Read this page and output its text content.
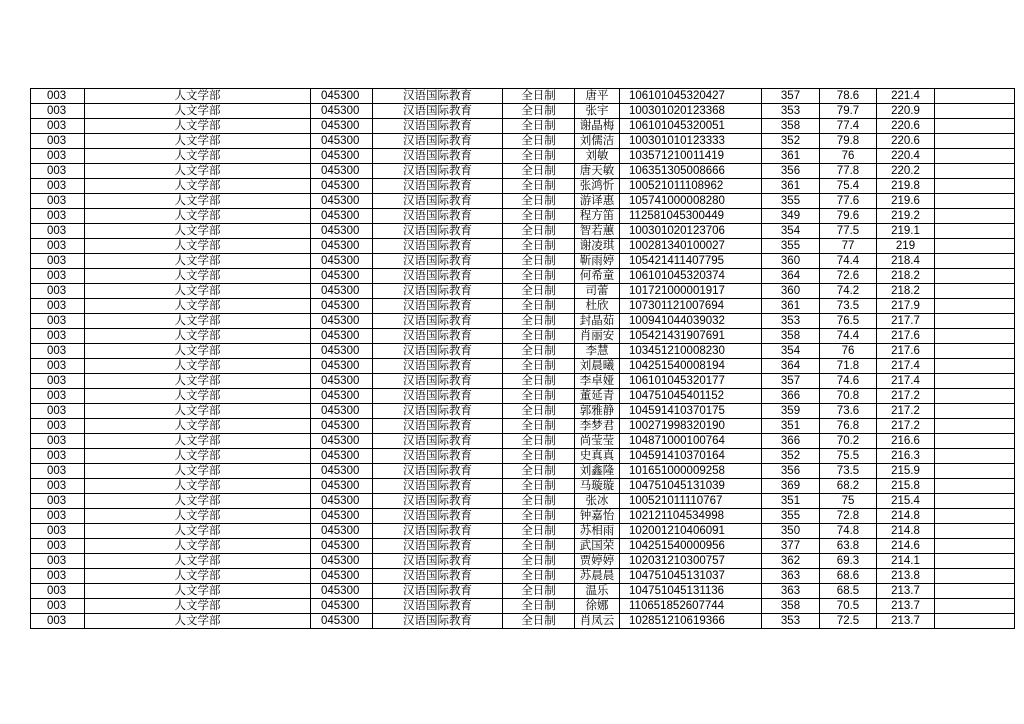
003	人文学部	045300	汉语国际教育	全日制	唐平	106101045320427	357	78.6	221.4	
003	人文学部	045300	汉语国际教育	全日制	张宇	100301020123368	353	79.7	220.9	
003	人文学部	045300	汉语国际教育	全日制	谢晶梅	106101045320051	358	77.4	220.6	
003	人文学部	045300	汉语国际教育	全日制	刘儒洁	100301010123333	352	79.8	220.6	
003	人文学部	045300	汉语国际教育	全日制	刘敏	103571210011419	361	76	220.4	
003	人文学部	045300	汉语国际教育	全日制	唐天敏	106351305008666	356	77.8	220.2	
003	人文学部	045300	汉语国际教育	全日制	张鸿忻	100521011108962	361	75.4	219.8	
003	人文学部	045300	汉语国际教育	全日制	游译惠	105741000008280	355	77.6	219.6	
003	人文学部	045300	汉语国际教育	全日制	程方笛	112581045300449	349	79.6	219.2	
003	人文学部	045300	汉语国际教育	全日制	智若蕙	100301020123706	354	77.5	219.1	
003	人文学部	045300	汉语国际教育	全日制	谢凌琪	100281340100027	355	77	219	
003	人文学部	045300	汉语国际教育	全日制	靳雨婷	105421411407795	360	74.4	218.4	
003	人文学部	045300	汉语国际教育	全日制	何希童	106101045320374	364	72.6	218.2	
003	人文学部	045300	汉语国际教育	全日制	司蕾	101721000001917	360	74.2	218.2	
003	人文学部	045300	汉语国际教育	全日制	杜欣	107301121007694	361	73.5	217.9	
003	人文学部	045300	汉语国际教育	全日制	封晶茹	100941044039032	353	76.5	217.7	
003	人文学部	045300	汉语国际教育	全日制	肖丽安	105421431907691	358	74.4	217.6	
003	人文学部	045300	汉语国际教育	全日制	李慧	103451210008230	354	76	217.6	
003	人文学部	045300	汉语国际教育	全日制	刘晨曦	104251540008194	364	71.8	217.4	
003	人文学部	045300	汉语国际教育	全日制	李卓娅	106101045320177	357	74.6	217.4	
003	人文学部	045300	汉语国际教育	全日制	董延青	104751045401152	366	70.8	217.2	
003	人文学部	045300	汉语国际教育	全日制	郭雅静	104591410370175	359	73.6	217.2	
003	人文学部	045300	汉语国际教育	全日制	李梦君	100271998320190	351	76.8	217.2	
003	人文学部	045300	汉语国际教育	全日制	尚莹莹	104871000100764	366	70.2	216.6	
003	人文学部	045300	汉语国际教育	全日制	史真真	104591410370164	352	75.5	216.3	
003	人文学部	045300	汉语国际教育	全日制	刘鑫隆	101651000009258	356	73.5	215.9	
003	人文学部	045300	汉语国际教育	全日制	马璇璇	104751045131039	369	68.2	215.8	
003	人文学部	045300	汉语国际教育	全日制	张冰	100521011110767	351	75	215.4	
003	人文学部	045300	汉语国际教育	全日制	钟嘉怡	102121104534998	355	72.8	214.8	
003	人文学部	045300	汉语国际教育	全日制	苏相雨	102001210406091	350	74.8	214.8	
003	人文学部	045300	汉语国际教育	全日制	武国荣	104251540000956	377	63.8	214.6	
003	人文学部	045300	汉语国际教育	全日制	贾婷婷	102031210300757	362	69.3	214.1	
003	人文学部	045300	汉语国际教育	全日制	苏晨晨	104751045131037	363	68.6	213.8	
003	人文学部	045300	汉语国际教育	全日制	温乐	104751045131136	363	68.5	213.7	
003	人文学部	045300	汉语国际教育	全日制	徐娜	110651852607744	358	70.5	213.7	
003	人文学部	045300	汉语国际教育	全日制	肖凤云	102851210619366	353	72.5	213.7	
